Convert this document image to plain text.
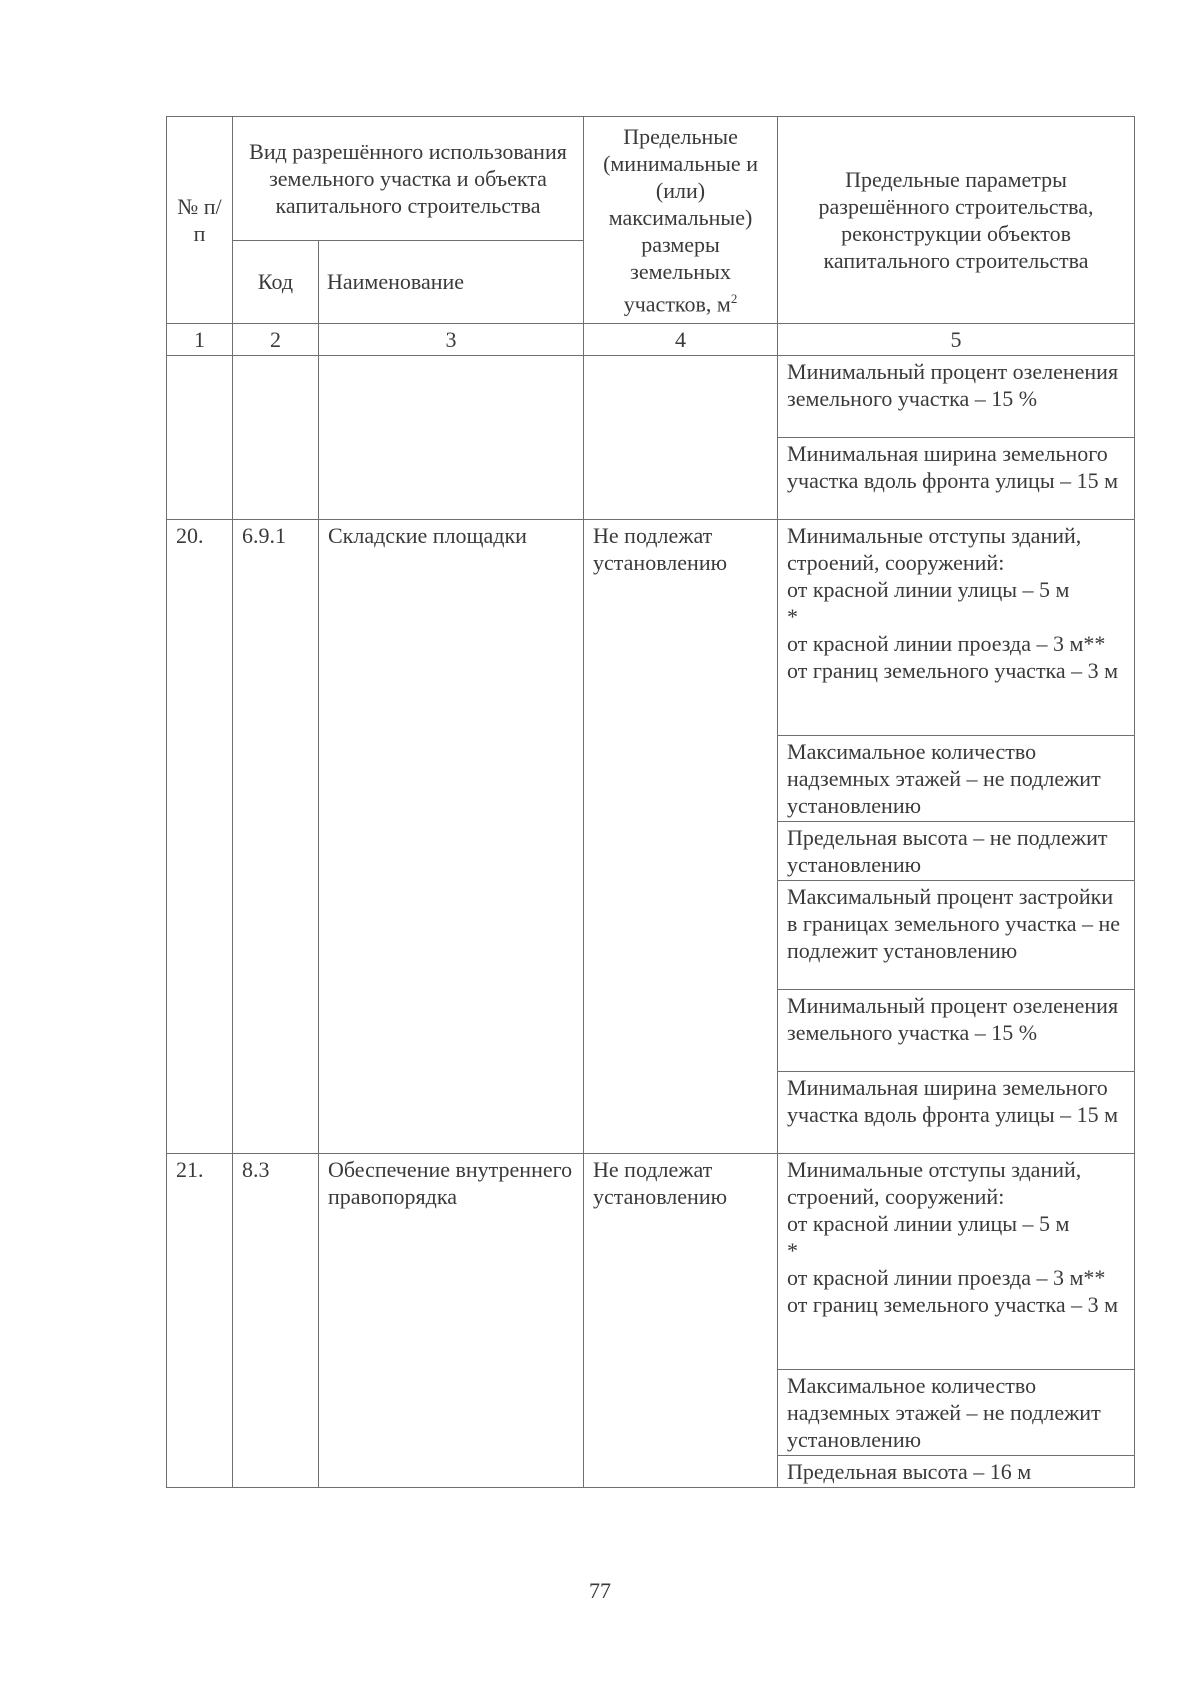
№ п/п	Вид разрешённого использования земельного участка и объекта капитального строительства		Предельные (минимальные и (или) максимальные) размеры земельных участков, $м^2$	Предельные параметры разрешённого строительства, реконструкции объектов капитального строительства
	Код	Наименование		
1	2	3	4	5
				Минимальный процент озеленения земельного участка – 15 %
				Минимальная ширина земельного участка вдоль фронта улицы – 15 м
20.	6.9.1	Складские площадки	Не подлежат установлению	Минимальные отступы зданий, строений, сооружений:
от красной линии улицы – 5 м
*
от красной линии проезда – 3 м**
от границ земельного участка – 3 м
				Максимальное количество надземных этажей – не подлежит установлению
				Предельная высота – не подлежит установлению
				Максимальный процент застройки в границах земельного участка – не подлежит установлению
				Минимальный процент озеленения земельного участка – 15 %
				Минимальная ширина земельного участка вдоль фронта улицы – 15 м
21.	8.3	Обеспечение внутреннего правопорядка	Не подлежат установлению	Минимальные отступы зданий, строений, сооружений:
от красной линии улицы – 5 м
*
от красной линии проезда – 3 м**
от границ земельного участка – 3 м
				Максимальное количество надземных этажей – не подлежит установлению
				Предельная высота – 16 м
77
